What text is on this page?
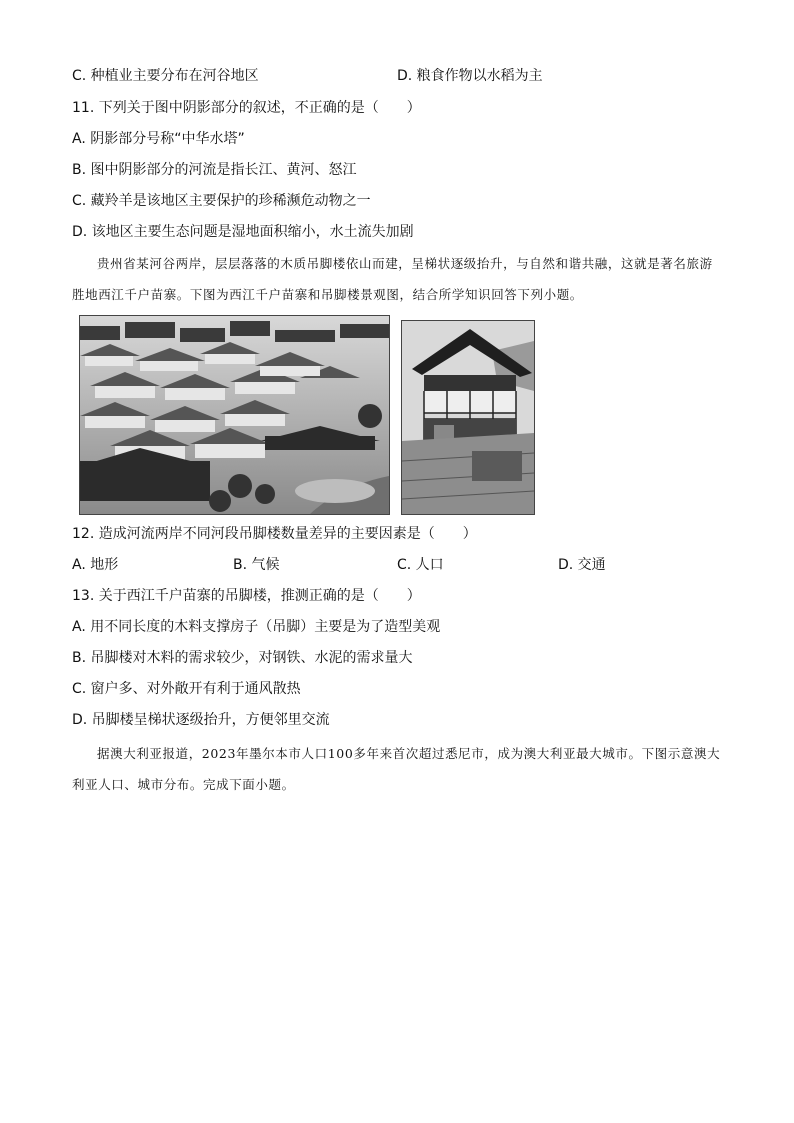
C. 种植业主要分布在河谷地区	D. 粮食作物以水稻为主
11. 下列关于图中阴影部分的叙述，不正确的是（　　）
A. 阴影部分号称“中华水塔”
B. 图中阴影部分的河流是指长江、黄河、怒江
C. 藏羚羊是该地区主要保护的珍稀濒危动物之一
D. 该地区主要生态问题是湿地面积缩小，水土流失加剧
贵州省某河谷两岸，层层落落的木质吊脚楼依山而建，呈梯状逐级抬升，与自然和谐共融，这就是著名旅游胜地西江千户苗寨。下图为西江千户苗寨和吊脚楼景观图，结合所学知识回答下列小题。
12. 造成河流两岸不同河段吊脚楼数量差异的主要因素是（　　）
A. 地形	B. 气候	C. 人口	D. 交通
13. 关于西江千户苗寨的吊脚楼，推测正确的是（　　）
A. 用不同长度的木料支撑房子（吊脚）主要是为了造型美观
B. 吊脚楼对木料的需求较少，对钢铁、水泥的需求量大
C. 窗户多、对外敞开有利于通风散热
D. 吊脚楼呈梯状逐级抬升，方便邻里交流
据澳大利亚报道，2023年墨尔本市人口100多年来首次超过悉尼市，成为澳大利亚最大城市。下图示意澳大利亚人口、城市分布。完成下面小题。
